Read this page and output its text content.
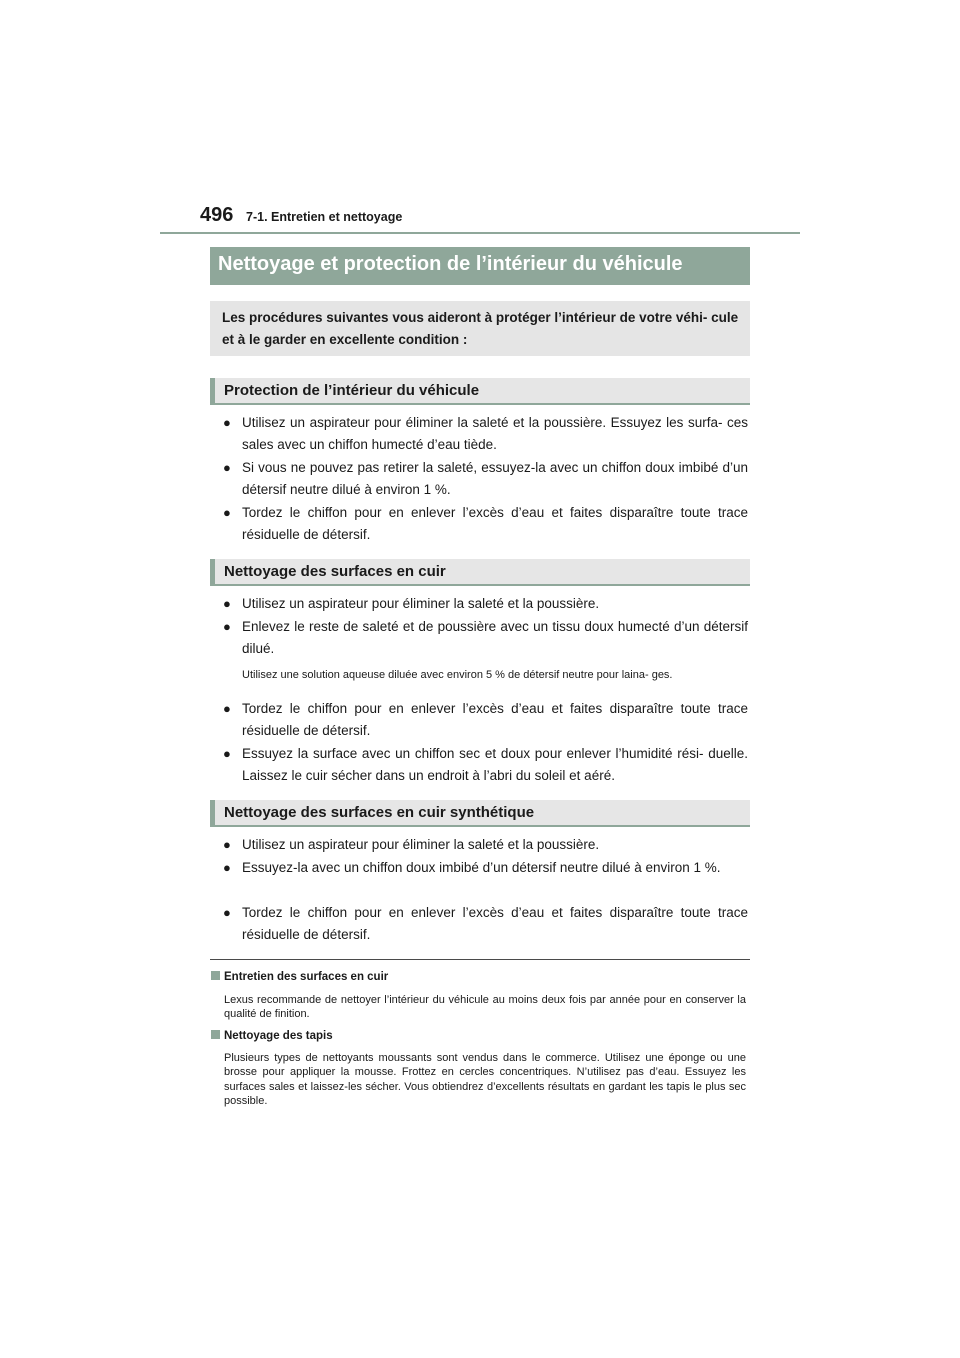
496 7-1. Entretien et nettoyage
Nettoyage et protection de l’intérieur du véhicule

Les procédures suivantes vous aideront à protéger l’intérieur de votre véhi- cule et à le garder en excellente condition :

Protection de l’intérieur du véhicule
● Utilisez un aspirateur pour éliminer la saleté et la poussière. Essuyez les surfa- ces sales avec un chiffon humecté d’eau tiède.
● Si vous ne pouvez pas retirer la saleté, essuyez-la avec un chiffon doux imbibé d’un détersif neutre dilué à environ 1 %.
● Tordez le chiffon pour en enlever l’excès d’eau et faites disparaître toute trace résiduelle de détersif.
Nettoyage des surfaces en cuir
● Utilisez un aspirateur pour éliminer la saleté et la poussière.
● Enlevez le reste de saleté et de poussière avec un tissu doux humecté d’un détersif dilué.
Utilisez une solution aqueuse diluée avec environ 5 % de détersif neutre pour laina- ges.
● Tordez le chiffon pour en enlever l’excès d’eau et faites disparaître toute trace résiduelle de détersif.
● Essuyez la surface avec un chiffon sec et doux pour enlever l’humidité rési- duelle. Laissez le cuir sécher dans un endroit à l’abri du soleil et aéré.
Nettoyage des surfaces en cuir synthétique
● Utilisez un aspirateur pour éliminer la saleté et la poussière.
● Essuyez-la avec un chiffon doux imbibé d’un détersif neutre dilué à environ 1 %.
● Tordez le chiffon pour en enlever l’excès d’eau et faites disparaître toute trace résiduelle de détersif.
Entretien des surfaces en cuir
Lexus recommande de nettoyer l’intérieur du véhicule au moins deux fois par année pour en conserver la qualité de finition.
Nettoyage des tapis
Plusieurs types de nettoyants moussants sont vendus dans le commerce. Utilisez une éponge ou une brosse pour appliquer la mousse. Frottez en cercles concentriques. N’utilisez pas d’eau. Essuyez les surfaces sales et laissez-les sécher. Vous obtiendrez d’excellents résultats en gardant les tapis le plus sec possible.
